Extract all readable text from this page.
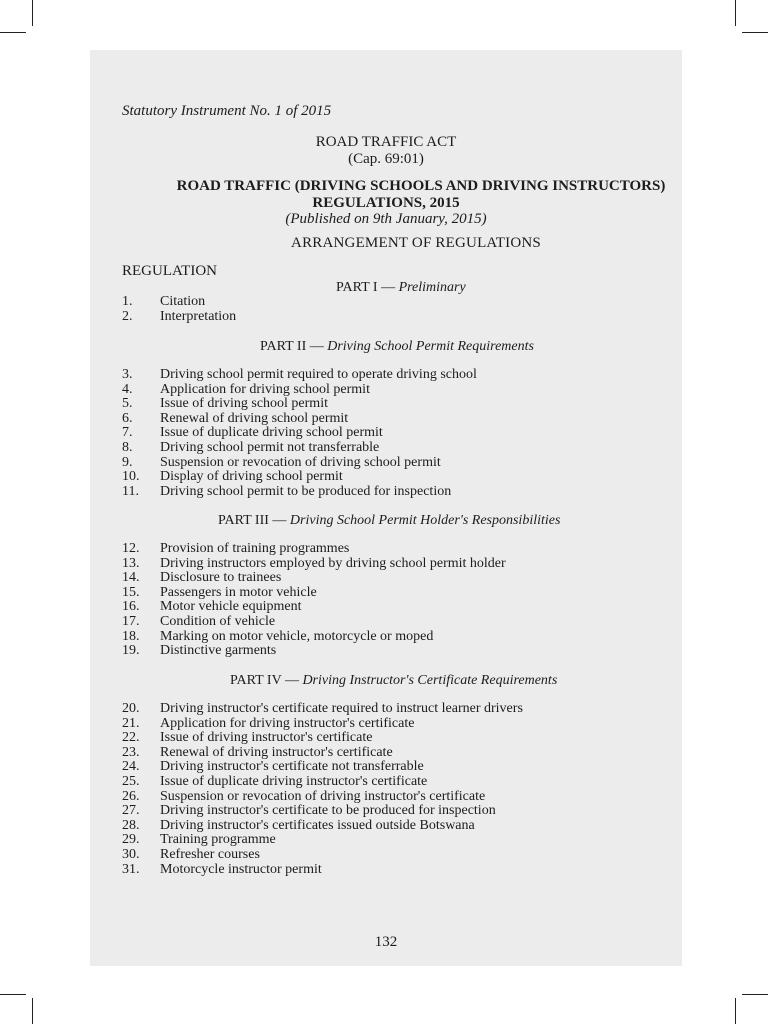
Statutory Instrument No. 1 of 2015
ROAD TRAFFIC ACT
(Cap. 69:01)
ROAD TRAFFIC (DRIVING SCHOOLS AND DRIVING INSTRUCTORS)
REGULATIONS, 2015
(Published on 9th January, 2015)
ARRANGEMENT OF REGULATIONS
REGULATION
PART I — Preliminary
1.	Citation
2.	Interpretation
PART II — Driving School Permit Requirements
3.	Driving school permit required to operate driving school
4.	Application for driving school permit
5.	Issue of driving school permit
6.	Renewal of driving school permit
7.	Issue of duplicate driving school permit
8.	Driving school permit not transferrable
9.	Suspension or revocation of driving school permit
10.	Display of driving school permit
11.	Driving school permit to be produced for inspection
PART III — Driving School Permit Holder's Responsibilities
12.	Provision of training programmes
13.	Driving instructors employed by driving school permit holder
14.	Disclosure to trainees
15.	Passengers in motor vehicle
16.	Motor vehicle equipment
17.	Condition of vehicle
18.	Marking on motor vehicle, motorcycle or moped
19.	Distinctive garments
PART IV — Driving Instructor's Certificate Requirements
20.	Driving instructor's certificate required to instruct learner drivers
21.	Application for driving instructor's certificate
22.	Issue of driving instructor's certificate
23.	Renewal of driving instructor's certificate
24.	Driving instructor's certificate not transferrable
25.	Issue of duplicate driving instructor's certificate
26.	Suspension or revocation of driving instructor's certificate
27.	Driving instructor's certificate to be produced for inspection
28.	Driving instructor's certificates issued outside Botswana
29.	Training programme
30.	Refresher courses
31.	Motorcycle instructor permit
132
